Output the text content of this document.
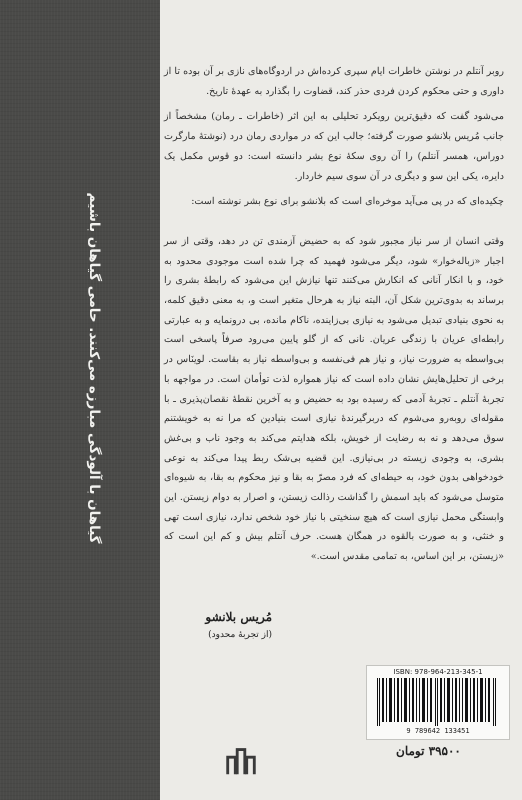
گیاهان با آلودگی مبارزه می‌کنند. حامی گیاهان باشیم

روبر آنتلم در نوشتن خاطرات ایام سپری کرده‌اش در اردوگاه‌های نازی بر آن بوده تا از داوری و حتی محکوم کردن فردی حذر کند، قضاوت را بگذارد به عهدهٔ تاریخ.

می‌شود گفت که دقیق‌ترین رویکرد تحلیلی به این اثر (خاطرات ـ رمان) مشخصاً از جانب مُریس بلانشو صورت گرفته؛ جالب این که در مواردی رمان درد (نوشتهٔ مارگرت دوراس، همسر آنتلم) را آن روی سکهٔ نوع بشر دانسته است: دو قوس مکمل یک دایره، یکی این سو و دیگری در آن سوی سیم خاردار.

چکیده‌ای که در پی می‌آید موخره‌ای است که بلانشو برای نوع بشر نوشته است:

وقتی انسان از سر نیاز مجبور شود که به حضیض آزمندی تن در دهد، وقتی از سر اجبار «زباله‌خوار» شود، دیگر می‌شود فهمید که چرا شده است موجودی محدود به خود، و با انکار آنانی که انکارش می‌کنند تنها نیازش این می‌شود که رابطهٔ بشری را برساند به بدوی‌ترین شکل آن، البته نیاز به هرحال متغیر است و، به معنی دقیق کلمه، به نحوی بنیادی تبدیل می‌شود به نیازی بی‌زاینده، ناکام مانده، بی درونمایه و به عبارتی رابطه‌ای عریان با زندگی عریان. نانی که از گلو پایین می‌رود صرفاً پاسخی است بی‌واسطه به ضرورت نیاز، و نیاز هم فی‌نفسه و بی‌واسطه نیاز به بقاست. لوینَاس در برخی از تحلیل‌هایش نشان داده است که نیاز همواره لذت توأمان است. در مواجهه با تجربهٔ آنتلم ـ تجربهٔ آدمی که رسیده بود به حضیض و به آخرین نقطهٔ نقصان‌پذیری ـ با مقوله‌ای روبه‌رو می‌شوم که دربرگیرندهٔ نیازی است بنیادین که مرا نه به خویشتنم سوق می‌دهد و نه به رضایت از خویش، بلکه هدایتم می‌کند به وجود ناب و بی‌غش بشری، به وجودی زیسته در بی‌نیازی. این قضیه بی‌شک ربط پیدا می‌کند به نوعی خودخواهی بدون خود، به حیطه‌ای که فرد مصرّ به بقا و نیز محکوم به بقا، به شیوه‌ای متوسل می‌شود که باید اسمش را گذاشت رذالت زیستن، و اصرار به دوام زیستن. این وابستگی محمل نیازی است که هیچ سنخیتی با نیاز خود شخص ندارد، نیازی است تهی و خنثی، و به صورت بالقوه در همگان هست. حرف آنتلم بیش و کم این است که «زیستن، بر این اساس، به تمامی مقدس است.»

مُریس بلانشو
(از تجربهٔ محدود)
ISBN: 978-964-213-345-1
9 789642 133451
۳۹۵۰۰ تومان
